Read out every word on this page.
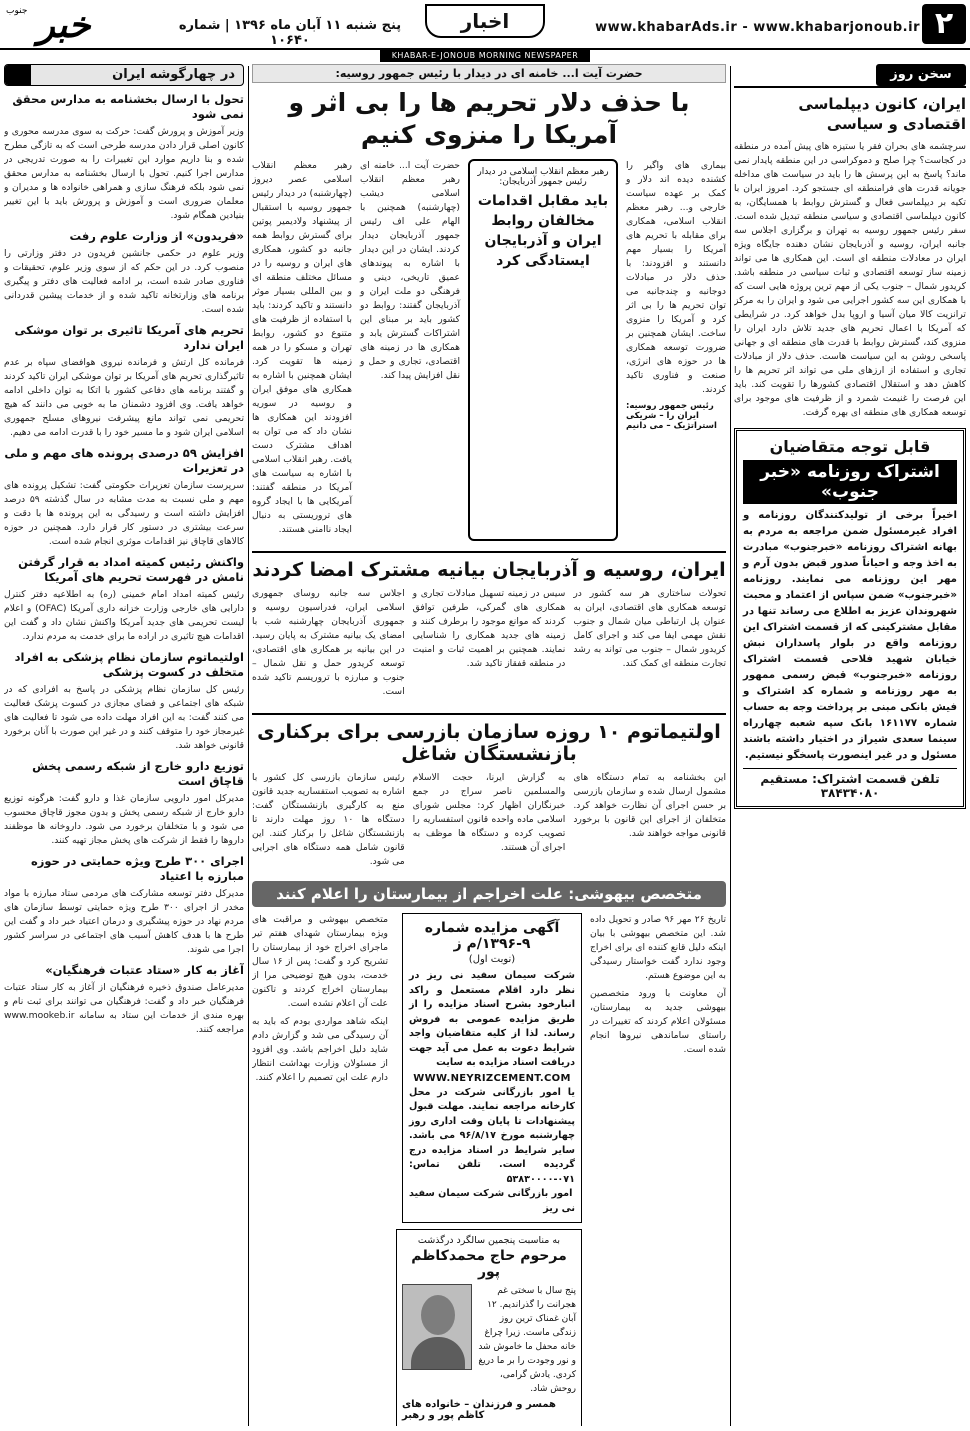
خبر
جنوب
پنج شنبه ۱۱ آبان ماه ۱۳۹۶ | شماره ۱۰۶۴۰
اخبار	www.khabarAds.ir - www.khabarjonoub.ir ۲
KHABAR-E-JONOUB MORNING NEWSPAPER
در چهارگوشه ایران
تحول با ارسال بخشنامه به مدارس محقق نمی شود
وزیر آموزش و پرورش گفت: حرکت به سوی مدرسه محوری و کانون اصلی قرار دادن مدرسه طرحی است که به تازگی مطرح شده و بنا داریم موارد این تغییرات را به صورت تدریجی در مدارس اجرا کنیم. تحول با ارسال بخشنامه به مدارس محقق نمی شود بلکه فرهنگ سازی و همراهی خانواده ها و مدیران و معلمان ضروری است و آموزش و پرورش باید با این تغییر بنیادین همگام شود.
«فریدون» از وزارت علوم رفت
وزیر علوم در حکمی جانشین فریدون در دفتر وزارتی را منصوب کرد. در این حکم که از سوی وزیر علوم، تحقیقات و فناوری صادر شده است، بر ادامه فعالیت های دفتر و پیگیری برنامه های وزارتخانه تاکید شده و از خدمات پیشین قدردانی شده است.
تحریم های آمریکا تاثیری بر توان موشکی ایران ندارد
فرمانده کل ارتش و فرمانده نیروی هوافضای سپاه بر عدم تاثیرگذاری تحریم های آمریکا بر توان موشکی ایران تاکید کردند و گفتند برنامه های دفاعی کشور با اتکا به توان داخلی ادامه خواهد یافت. وی افزود دشمنان ما به خوبی می دانند که هیچ تحریمی نمی تواند مانع پیشرفت نیروهای مسلح جمهوری اسلامی ایران شود و ما مسیر خود را با قدرت ادامه می دهیم.
افزایش ۵۹ درصدی پرونده های مهم و ملی در تعزیرات
سرپرست سازمان تعزیرات حکومتی گفت: تشکیل پرونده های مهم و ملی نسبت به مدت مشابه در سال گذشته ۵۹ درصد افزایش داشته است و رسیدگی به این پرونده ها با دقت و سرعت بیشتری در دستور کار قرار دارد. همچنین در حوزه کالاهای قاچاق نیز اقدامات موثری انجام شده است.
واکنش رئیس کمیته امداد به قرار گرفتن نامش در فهرست تحریم های آمریکا
رئیس کمیته امداد امام خمینی (ره) به اطلاعیه دفتر کنترل دارایی های خارجی وزارت خزانه داری آمریکا (OFAC) و اعلام لیست تحریمی های جدید آمریکا واکنش نشان داد و گفت این اقدامات هیچ تاثیری در اراده ما برای خدمت به مردم ندارد.
اولتیماتوم سازمان نظام پزشکی به افراد متخلف در کسوت پزشکی
رئیس کل سازمان نظام پزشکی در پاسخ به افرادی که در شبکه های اجتماعی و فضای مجازی در کسوت پزشک فعالیت می کنند گفت: به این افراد مهلت داده می شود تا فعالیت های غیرمجاز خود را متوقف کنند و در غیر این صورت با آنان برخورد قانونی خواهد شد.
توزیع دارو خارج از شبکه رسمی پخش قاچاق است
مدیرکل امور دارویی سازمان غذا و دارو گفت: هرگونه توزیع دارو خارج از شبکه رسمی پخش و بدون مجوز قاچاق محسوب می شود و با متخلفان برخورد می شود. داروخانه ها موظفند داروها را فقط از شرکت های پخش مجاز تهیه کنند.
اجرای ۳۰۰ طرح ویژه حمایتی در حوزه مبارزه با اعتیاد
مدیرکل دفتر توسعه مشارکت های مردمی ستاد مبارزه با مواد مخدر از اجرای ۳۰۰ طرح ویژه حمایتی توسط سازمان های مردم نهاد در حوزه پیشگیری و درمان اعتیاد خبر داد و گفت این طرح ها با هدف کاهش آسیب های اجتماعی در سراسر کشور اجرا می شوند.
آغاز به کار «ستاد عتبات فرهنگیان»
مدیرعامل صندوق ذخیره فرهنگیان از آغاز به کار ستاد عتبات فرهنگیان خبر داد و گفت: فرهنگیان می توانند برای ثبت نام و بهره مندی از خدمات این ستاد به سامانه www.mookeb.ir مراجعه کنند.
حضرت آیت ا... خامنه ای در دیدار با رئیس جمهور روسیه:
با حذف دلار تحریم ها را بی اثر و آمریکا را منزوی کنیم
رهبر معظم انقلاب اسلامی عصر دیروز (چهارشنبه) در دیدار رئیس جمهور روسیه با استقبال از پیشنهاد ولادیمیر پوتین برای گسترش روابط همه جانبه دو کشور، همکاری های ایران و روسیه را در مسائل مختلف منطقه ای و بین المللی بسیار موثر دانستند و تاکید کردند: باید با استفاده از ظرفیت های متنوع دو کشور، روابط تهران و مسکو را در همه زمینه ها تقویت کرد. ایشان همچنین با اشاره به همکاری های موفق ایران و روسیه در سوریه افزودند این همکاری ها نشان داد که می توان به اهداف مشترک دست یافت. رهبر انقلاب اسلامی با اشاره به سیاست های آمریکا در منطقه گفتند: آمریکایی ها با ایجاد گروه های تروریستی به دنبال ایجاد ناامنی هستند.
حضرت آیت ا... خامنه ای رهبر معظم انقلاب اسلامی دیشب (چهارشنبه) همچنین با الهام علی اف رئیس جمهور آذربایجان دیدار کردند. ایشان در این دیدار با اشاره به پیوندهای عمیق تاریخی، دینی و فرهنگی دو ملت ایران و آذربایجان گفتند: روابط دو کشور باید بر مبنای این اشتراکات گسترش یابد و همکاری ها در زمینه های اقتصادی، تجاری و حمل و نقل افزایش پیدا کند.
رهبر معظم انقلاب اسلامی در دیدار رئیس جمهور آذربایجان:
باید مقابل اقدامات مخالفان روابط ایران و آذربایجان ایستادگی کرد
بیماری های واگیر را کشنده دیده اند دلار و کمک بر عهده سیاست خارجی و... رهبر معظم انقلاب اسلامی، همکاری برای مقابله با تحریم های آمریکا را بسیار مهم دانستند و افزودند: با حذف دلار در مبادلات دوجانبه و چندجانبه می توان تحریم ها را بی اثر کرد و آمریکا را منزوی ساخت. ایشان همچنین بر ضرورت توسعه همکاری ها در حوزه های انرژی، صنعت و فناوری تاکید کردند.
رئیس جمهور روسیه: ایران را – شریکی استراتژیک – می دانیم
ایران، روسیه و آذربایجان بیانیه مشترک امضا کردند
اجلاس سه جانبه روسای جمهوری اسلامی ایران، فدراسیون روسیه و جمهوری آذربایجان چهارشنبه شب با امضای یک بیانیه مشترک به پایان رسید. در این بیانیه بر همکاری های اقتصادی، توسعه کریدور حمل و نقل شمال – جنوب و مبارزه با تروریسم تاکید شده است.
سیس در زمینه تسهیل مبادلات تجاری و همکاری های گمرکی، طرفین توافق کردند که موانع موجود را برطرف کنند و زمینه های جدید همکاری را شناسایی نمایند. همچنین بر اهمیت ثبات و امنیت در منطقه قفقاز تاکید شد.
تحولات ساختاری هر سه کشور در توسعه همکاری های اقتصادی، ایران به عنوان پل ارتباطی میان شمال و جنوب نقش مهمی ایفا می کند و اجرای کامل کریدور شمال – جنوب می تواند به رشد تجارت منطقه ای کمک کند.
اولتیماتوم ۱۰ روزه سازمان بازرسی برای برکناری بازنشستگان شاغل
رئیس سازمان بازرسی کل کشور با اشاره به تصویب استفساریه جدید قانون منع به کارگیری بازنشستگان گفت: دستگاه ها ۱۰ روز مهلت دارند تا بازنشستگان شاغل را برکنار کنند. این قانون شامل همه دستگاه های اجرایی می شود.
به گزارش ایرنا، حجت الاسلام والمسلمین ناصر سراج در جمع خبرنگاران اظهار کرد: مجلس شورای اسلامی ماده واحده قانون استفساریه را تصویب کرده و دستگاه ها موظف به اجرای آن هستند.
این بخشنامه به تمام دستگاه های مشمول ارسال شده و سازمان بازرسی بر حسن اجرای آن نظارت خواهد کرد. متخلفان از اجرای این قانون با برخورد قانونی مواجه خواهند شد.
متخصص بیهوشی: علت اخراجم از بیمارستان را اعلام کنند
متخصص بیهوشی و مراقبت های ویژه بیمارستان شهدای هفتم تیر ماجرای اخراج خود از بیمارستان را تشریح کرد و گفت: پس از ۱۶ سال خدمت، بدون هیچ توضیحی مرا از بیمارستان اخراج کردند و تاکنون علت آن اعلام نشده است.
اینکه شاهد مواردی بودم که باید به آن رسیدگی می شد و گزارش دادم شاید دلیل اخراجم باشد. وی افزود از مسئولان وزارت بهداشت انتظار دارم علت این تصمیم را اعلام کنند.
آگهی مزایده شماره ۹-۱۳۹۶/م ز
(نوبت اول)
شرکت سیمان سفید نی ریز در نظر دارد اقلام مستعمل و راکد انبارخود بشرح اسناد مزایده را از طریق مزایده عمومی به فروش رساند. لذا از کلیه متقاضیان واجد شرایط دعوت به عمل می آید جهت دریافت اسناد مزایده به سایت
WWW.NEYRIZCEMENT.COM
یا امور بازرگانی شرکت در محل کارخانه مراجعه نمایند. مهلت قبول پیشنهادات تا پایان وقت اداری روز چهارشنبه مورخ ۹۶/۸/۱۷ می باشد. سایر شرایط در اسناد مزایده درج گردیده است. تلفن تماس: ۰۷۱-۵۳۸۳۰۰۰۰
امور بازرگانی شرکت سیمان سفید نی ریز
به مناسبت پنجمین سالگرد درگذشت
مرحوم حاج محمدکاظم پور
پنج سال با سختی غم هجرانت را گذراندیم. ۱۲ آبان غمناک ترین روز زندگی ماست. زیرا چراغ خانه محفل ما خاموش شد و نور وجودت را بر ما دریغ کردی. یادش گرامی، روحش شاد.
همسر و فرزندان – خانواده های کاظم پور و رهبر
تاریخ ۲۶ مهر ۹۶ صادر و تحویل داده شد. این متخصص بیهوشی با بیان اینکه دلیل قانع کننده ای برای اخراج وجود ندارد گفت خواستار رسیدگی به این موضوع هستم.
آن معاونت با ورود متخصصین بیهوشی جدید به بیمارستان، مسئولان اعلام کردند که تغییرات در راستای ساماندهی نیروها انجام شده است.
سخن روز
ایران، کانون دیپلماسی اقتصادی و سیاسی
سرچشمه های بحران فقر یا ستیزه های پیش آمده در منطقه در کجاست؟ چرا صلح و دموکراسی در این منطقه پایدار نمی ماند؟ پاسخ به این پرسش ها را باید در سیاست های مداخله جویانه قدرت های فرامنطقه ای جستجو کرد. امروز ایران با تکیه بر دیپلماسی فعال و گسترش روابط با همسایگان، به کانون دیپلماسی اقتصادی و سیاسی منطقه تبدیل شده است. سفر رئیس جمهور روسیه به تهران و برگزاری اجلاس سه جانبه ایران، روسیه و آذربایجان نشان دهنده جایگاه ویژه ایران در معادلات منطقه ای است. این همکاری ها می تواند زمینه ساز توسعه اقتصادی و ثبات سیاسی در منطقه باشد. کریدور شمال – جنوب یکی از مهم ترین پروژه هایی است که با همکاری این سه کشور اجرایی می شود و ایران را به مرکز ترانزیت کالا میان آسیا و اروپا بدل خواهد کرد. در شرایطی که آمریکا با اعمال تحریم های جدید تلاش دارد ایران را منزوی کند، گسترش روابط با قدرت های منطقه ای و جهانی پاسخی روشن به این سیاست هاست. حذف دلار از مبادلات تجاری و استفاده از ارزهای ملی می تواند اثر تحریم ها را کاهش دهد و استقلال اقتصادی کشورها را تقویت کند. باید این فرصت را غنیمت شمرد و از ظرفیت های موجود برای توسعه همکاری های منطقه ای بهره گرفت.
قابل توجه متقاضیان
اشتراک روزنامه «خبر جنوب»
اخیراً برخی از تولیدکنندگان روزنامه و افراد غیرمسئول ضمن مراجعه به مردم به بهانه اشتراک روزنامه «خبرجنوب» مبادرت به اخذ وجه و احیاناً صدور قبض بدون آرم و مهر این روزنامه می نمایند. روزنامه «خبرجنوب» ضمن سپاس از اعتماد و محبت شهروندان عزیز به اطلاع می رساند تنها در مقابل مشترکینی که از قسمت اشتراک این روزنامه واقع در بلوار پاسداران نبش خیابان شهید فلاحی قسمت اشتراک روزنامه «خبرجنوب» قبض رسمی ممهور به مهر روزنامه و شماره کد اشتراک و فیش بانکی مبنی بر پرداخت وجه به حساب شماره ۱۶۱۱۷۷ بانک سپه شعبه چهارراه سینما سعدی شیراز در اختیار داشته باشند مسئول و در غیر اینصورت پاسخگو نیستیم.
تلفن قسمت اشتراک: مستقیم ۳۸۴۳۴۰۸۰
